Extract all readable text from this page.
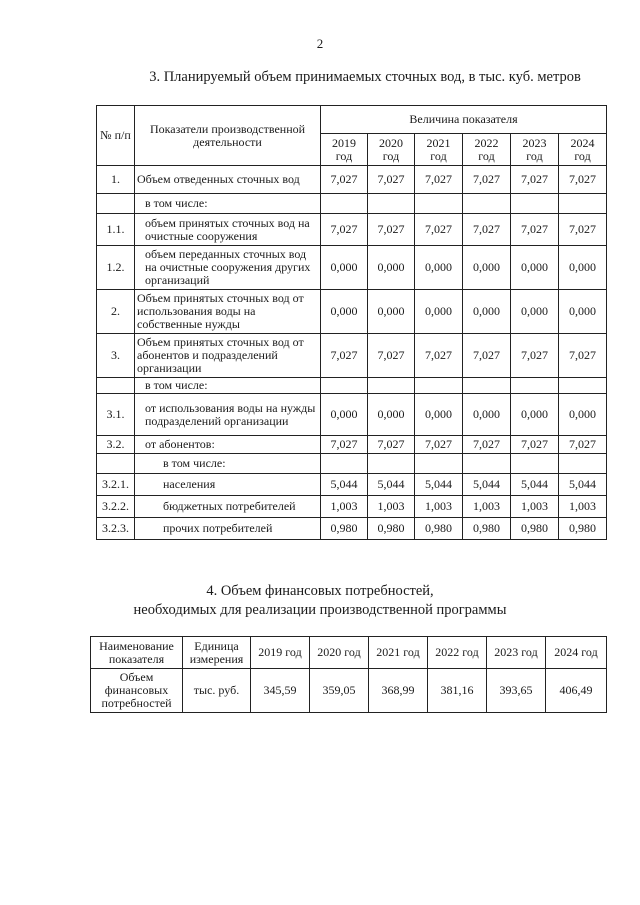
2
3. Планируемый объем принимаемых сточных вод, в тыс. куб. метров
№ п/п	Показатели производственной деятельности	Величина показателя					
		2019 год	2020 год	2021 год	2022 год	2023 год	2024 год
1.	Объем отведенных сточных вод	7,027	7,027	7,027	7,027	7,027	7,027
	в том числе:						
1.1.	объем принятых сточных вод на очистные сооружения	7,027	7,027	7,027	7,027	7,027	7,027
1.2.	объем переданных сточных вод на очистные сооружения других организаций	0,000	0,000	0,000	0,000	0,000	0,000
2.	Объем принятых сточных вод от использования воды на собственные нужды	0,000	0,000	0,000	0,000	0,000	0,000
3.	Объем принятых сточных вод от абонентов и подразделений организации	7,027	7,027	7,027	7,027	7,027	7,027
	в том числе:						
3.1.	от использования воды на нужды подразделений организации	0,000	0,000	0,000	0,000	0,000	0,000
3.2.	от абонентов:	7,027	7,027	7,027	7,027	7,027	7,027
	в том числе:						
3.2.1.	населения	5,044	5,044	5,044	5,044	5,044	5,044
3.2.2.	бюджетных потребителей	1,003	1,003	1,003	1,003	1,003	1,003
3.2.3.	прочих потребителей	0,980	0,980	0,980	0,980	0,980	0,980
4. Объем финансовых потребностей,
необходимых для реализации производственной программы
Наименование показателя	Единица измерения	2019 год	2020 год	2021 год	2022 год	2023 год	2024 год
Объем финансовых потребностей	тыс. руб.	345,59	359,05	368,99	381,16	393,65	406,49
